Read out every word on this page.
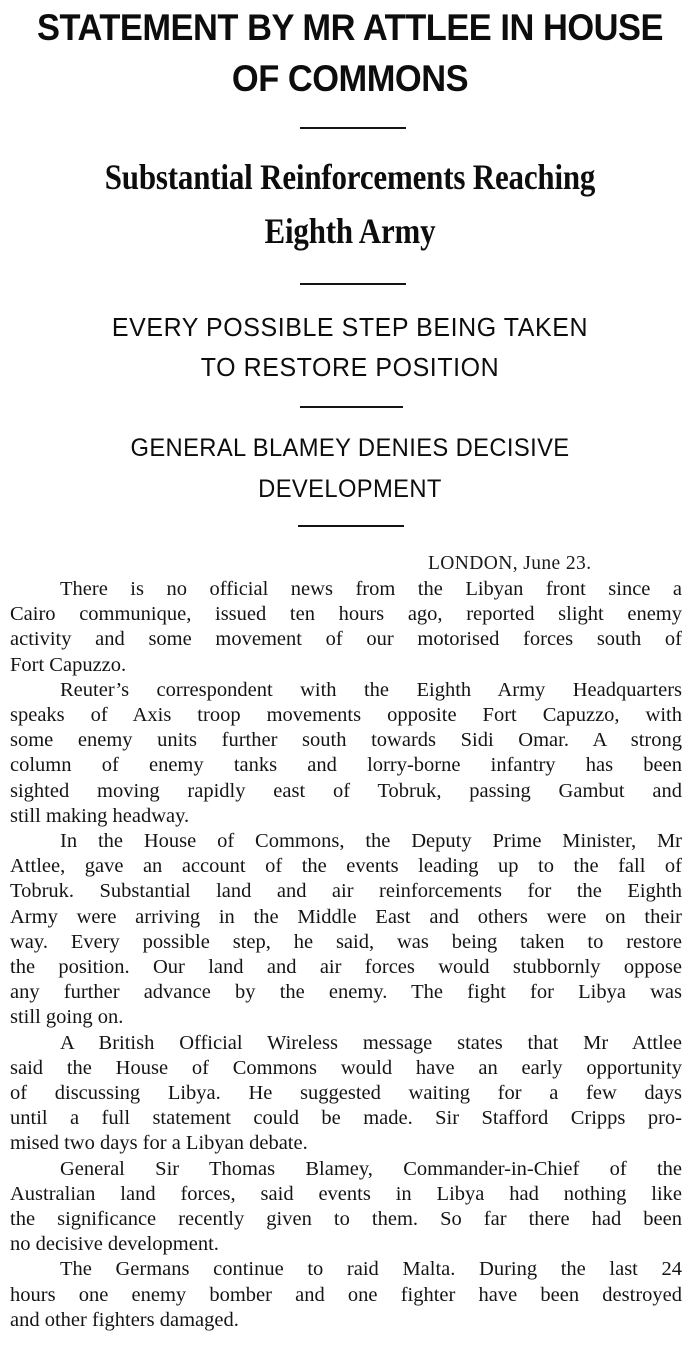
STATEMENT BY MR ATTLEE IN HOUSE
OF COMMONS
Substantial Reinforcements Reaching
Eighth Army
EVERY POSSIBLE STEP BEING TAKEN
TO RESTORE POSITION
GENERAL BLAMEY DENIES DECISIVE
DEVELOPMENT
LONDON, June 23.
There is no official news from the Libyan front since a
Cairo communique, issued ten hours ago, reported slight enemy
activity and some movement of our motorised forces south of
Fort Capuzzo.
Reuter’s correspondent with the Eighth Army Headquarters
speaks of Axis troop movements opposite Fort Capuzzo, with
some enemy units further south towards Sidi Omar. A strong
column of enemy tanks and lorry-borne infantry has been
sighted moving rapidly east of Tobruk, passing Gambut and
still making headway.
In the House of Commons, the Deputy Prime Minister, Mr
Attlee, gave an account of the events leading up to the fall of
Tobruk. Substantial land and air reinforcements for the Eighth
Army were arriving in the Middle East and others were on their
way. Every possible step, he said, was being taken to restore
the position. Our land and air forces would stubbornly oppose
any further advance by the enemy. The fight for Libya was
still going on.
A British Official Wireless message states that Mr Attlee
said the House of Commons would have an early opportunity
of discussing Libya. He suggested waiting for a few days
until a full statement could be made. Sir Stafford Cripps pro-
mised two days for a Libyan debate.
General Sir Thomas Blamey, Commander-in-Chief of the
Australian land forces, said events in Libya had nothing like
the significance recently given to them. So far there had been
no decisive development.
The Germans continue to raid Malta. During the last 24
hours one enemy bomber and one fighter have been destroyed
and other fighters damaged.
